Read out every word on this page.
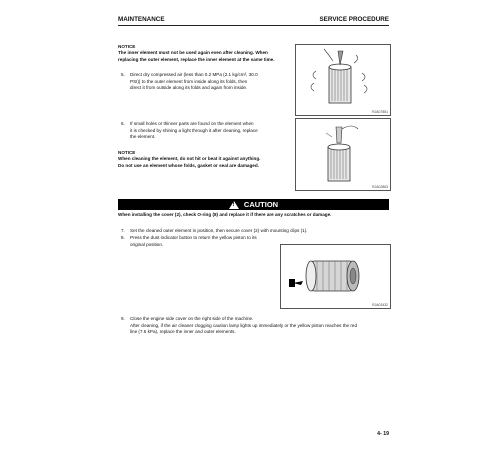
MAINTENANCE	SERVICE PROCEDURE
NOTICE
The inner element must not be used again even after cleaning. When
replacing the outer element, replace the inner element at the same time.
5. Direct dry compressed air (less than 0.2 MPa (2.1 kg/cm², 30.0
PSI)) to the outer element from inside along its folds, then
direct it from outside along its folds and again from inside.
RJA07851
6. If small holes or thinner parts are found on the element when
it is checked by shining a light through it after cleaning, replace
the element.
RJA02863
NOTICE
When cleaning the element, do not hit or beat it against anything.
Do not use an element whose folds, gasket or seal are damaged.
! CAUTION
When installing the cover (2), check O-ring (8) and replace it if there are any scratches or damage.
7. Set the cleaned outer element in position, then secure cover (2) with mounting clips (1).
8. Press the dust indicator button to return the yellow piston to its
original position.
RJA03432
9. Close the engine side cover on the right side of the machine.
After cleaning, if the air cleaner clogging caution lamp lights up immediately or the yellow piston reaches the red
line (7.5 kPa), replace the inner and outer elements.
4- 19
